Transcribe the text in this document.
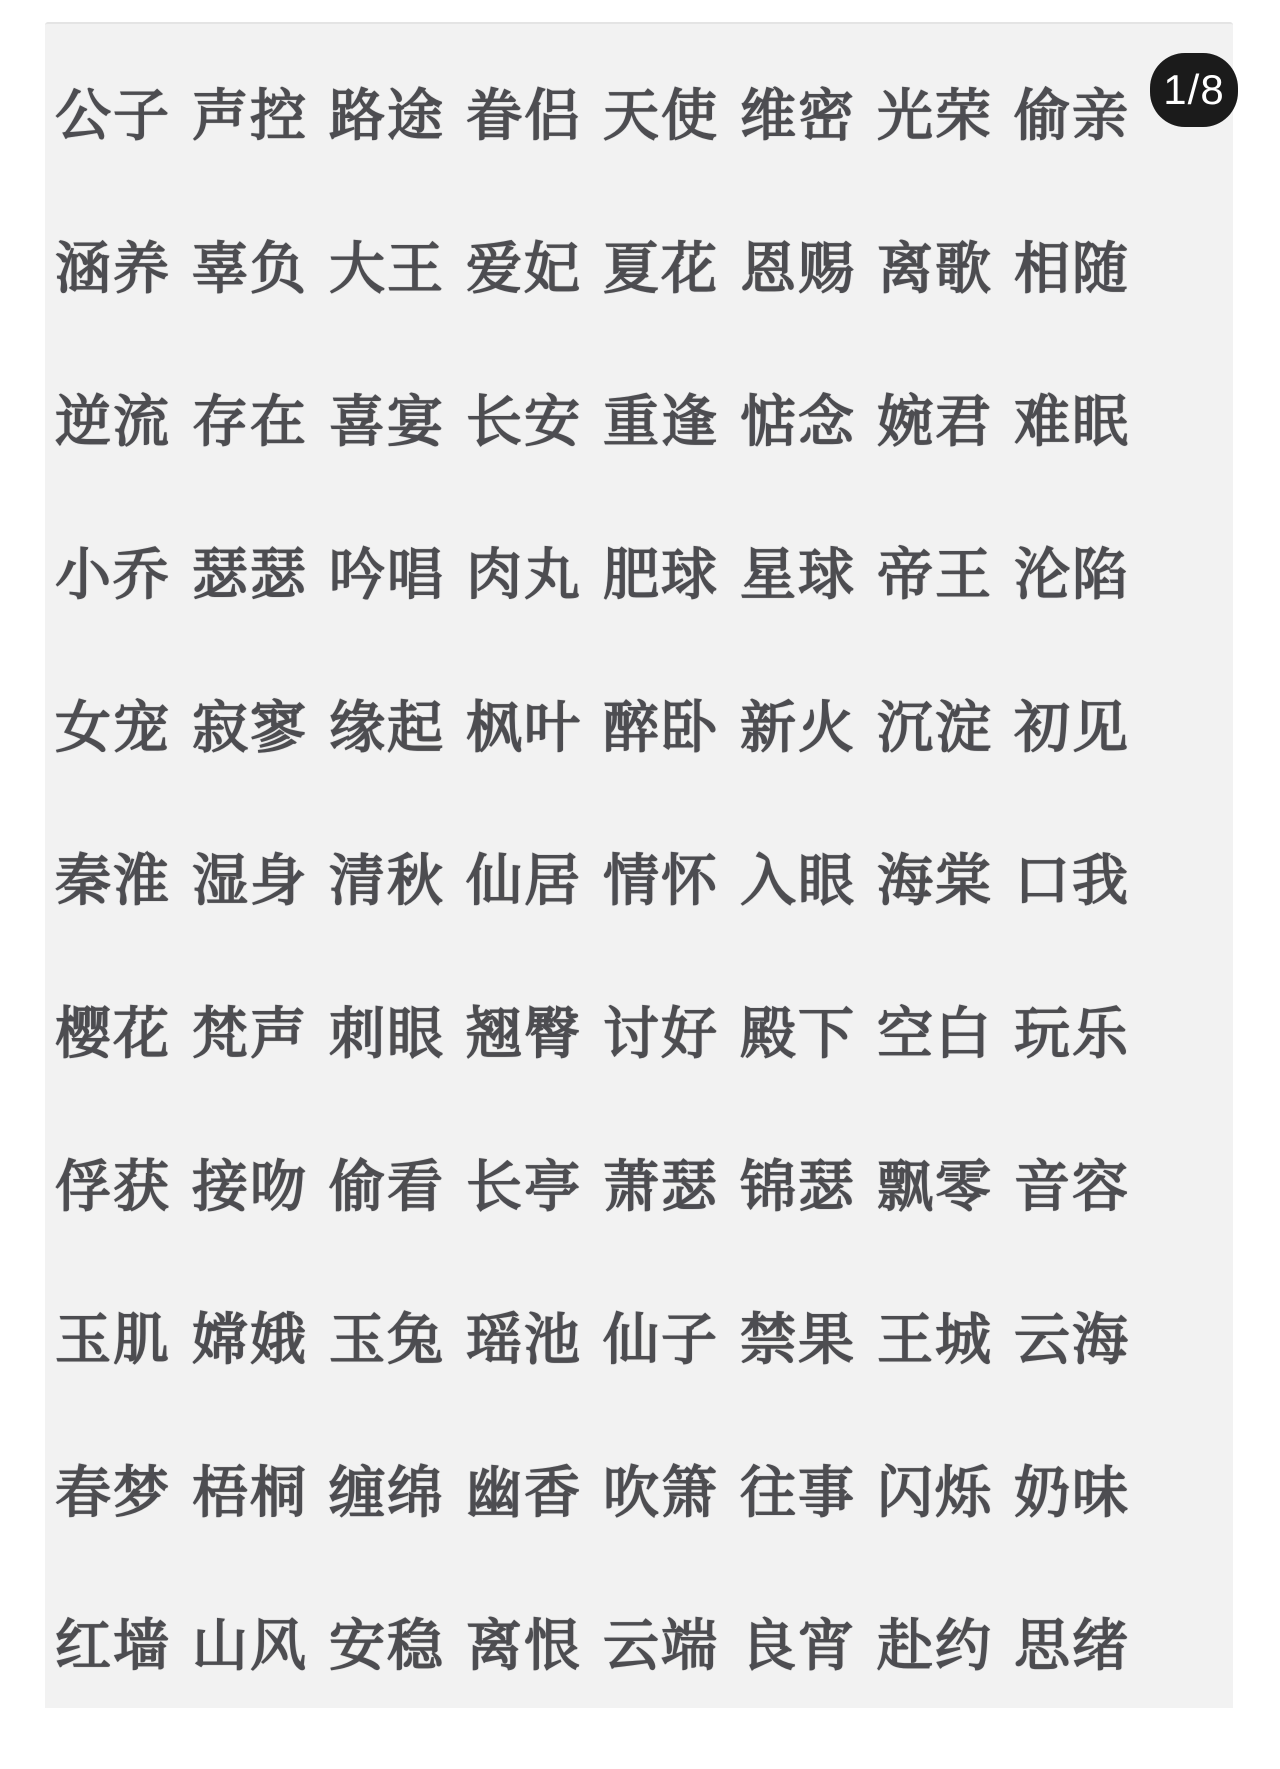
公子 声控 路途 眷侣 天使 维密 光荣 偷亲
涵养 辜负 大王 爱妃 夏花 恩赐 离歌 相随
逆流 存在 喜宴 长安 重逢 惦念 婉君 难眠
小乔 瑟瑟 吟唱 肉丸 肥球 星球 帝王 沦陷
女宠 寂寥 缘起 枫叶 醉卧 新火 沉淀 初见
秦淮 湿身 清秋 仙居 情怀 入眼 海棠 口我
樱花 梵声 刺眼 翘臀 讨好 殿下 空白 玩乐
俘获 接吻 偷看 长亭 萧瑟 锦瑟 飘零 音容
玉肌 嫦娥 玉兔 瑶池 仙子 禁果 王城 云海
春梦 梧桐 缠绵 幽香 吹箫 往事 闪烁 奶味
红墙 山风 安稳 离恨 云端 良宵 赴约 思绪
1/8
